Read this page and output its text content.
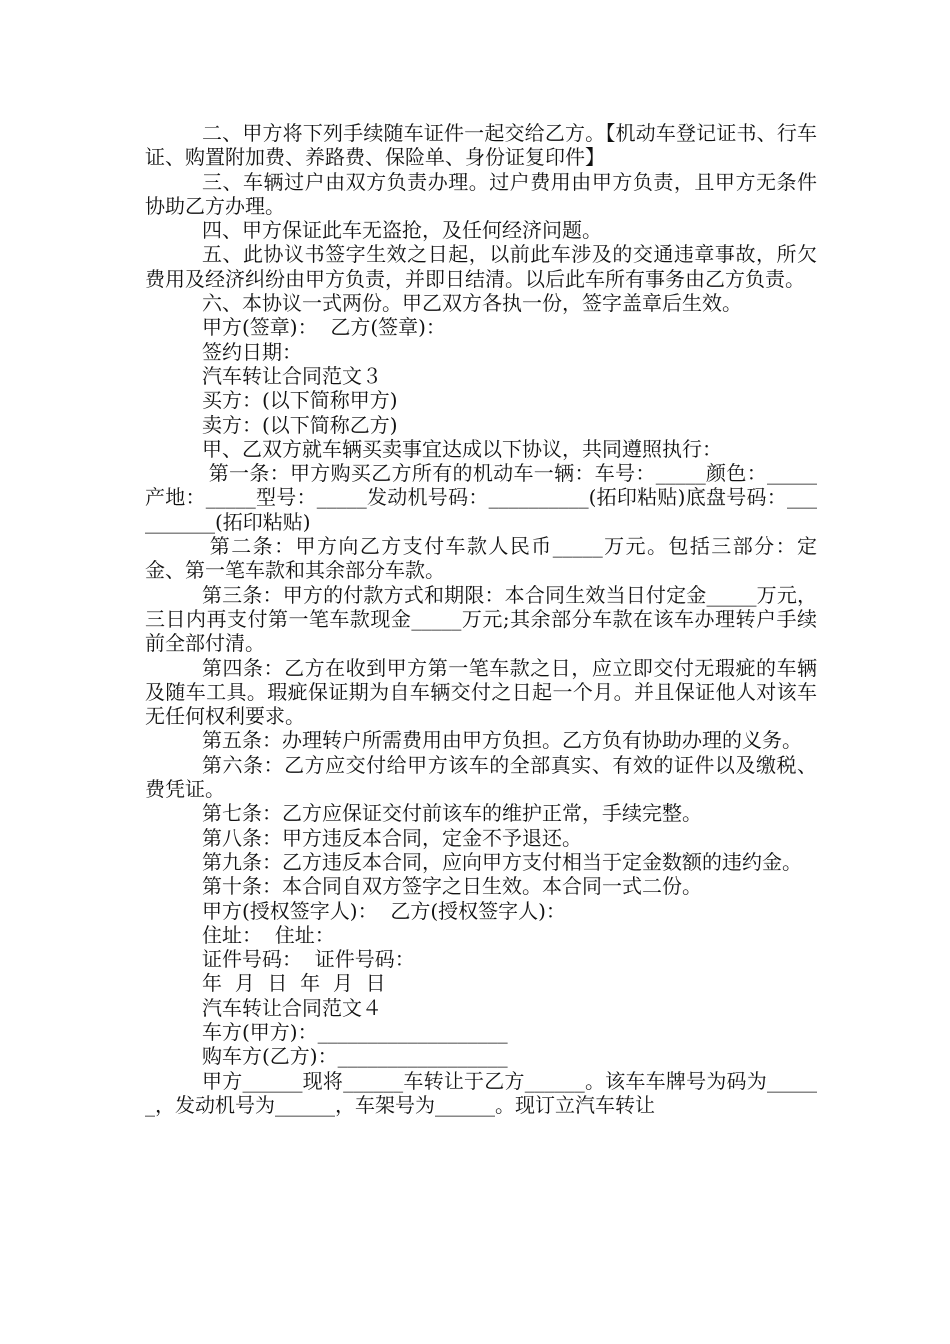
二、甲方将下列手续随车证件一起交给乙方。【机动车登记证书、行车证、购置附加费、养路费、保险单、身份证复印件】

三、车辆过户由双方负责办理。过户费用由甲方负责，且甲方无条件协助乙方办理。

四、甲方保证此车无盗抢，及任何经济问题。

五、此协议书签字生效之日起，以前此车涉及的交通违章事故，所欠费用及经济纠纷由甲方负责，并即日结清。以后此车所有事务由乙方负责。

六、本协议一式两份。甲乙双方各执一份，签字盖章后生效。

甲方(签章)：  乙方(签章)：

签约日期：

汽车转让合同范文３

买方：(以下简称甲方)

卖方：(以下简称乙方)

甲、乙双方就车辆买卖事宜达成以下协议，共同遵照执行：

第一条：甲方购买乙方所有的机动车一辆：车号：_____颜色：_____产地：_____型号：_____发动机号码：__________(拓印粘贴)底盘号码：__________(拓印粘贴)

第二条：甲方向乙方支付车款人民币_____万元。包括三部分：定金、第一笔车款和其余部分车款。

第三条：甲方的付款方式和期限：本合同生效当日付定金_____万元，三日内再支付第一笔车款现金_____万元;其余部分车款在该车办理转户手续前全部付清。

第四条：乙方在收到甲方第一笔车款之日，应立即交付无瑕疵的车辆及随车工具。瑕疵保证期为自车辆交付之日起一个月。并且保证他人对该车无任何权利要求。

第五条：办理转户所需费用由甲方负担。乙方负有协助办理的义务。

第六条：乙方应交付给甲方该车的全部真实、有效的证件以及缴税、费凭证。

第七条：乙方应保证交付前该车的维护正常，手续完整。

第八条：甲方违反本合同，定金不予退还。

第九条：乙方违反本合同，应向甲方支付相当于定金数额的违约金。

第十条：本合同自双方签字之日生效。本合同一式二份。

甲方(授权签字人)：  乙方(授权签字人)：

住址：  住址：

证件号码：  证件号码：

年  月  日  年  月  日

汽车转让合同范文４

车方(甲方)：___________________

购车方(乙方)：_________________

甲方______现将______车转让于乙方______。该车车牌号为码为______，发动机号为______，车架号为______。现订立汽车转让
